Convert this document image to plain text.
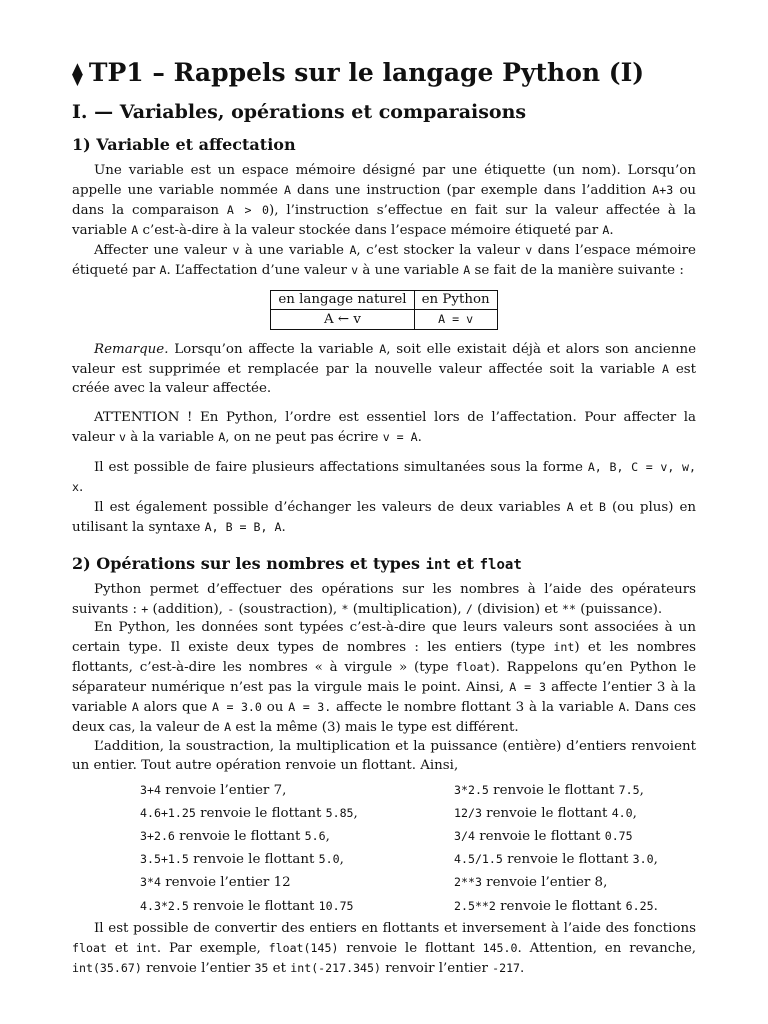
⧫ TP1 – Rappels sur le langage Python (I)
I. — Variables, opérations et comparaisons
1) Variable et affectation

Une variable est un espace mémoire désigné par une étiquette (un nom). Lorsqu’on appelle une variable nommée A dans une instruction (par exemple dans l’addition A+3 ou dans la comparaison A > 0), l’instruction s’effectue en fait sur la valeur affectée à la variable A c’est-à-dire à la valeur stockée dans l’espace mémoire étiqueté par A.

Affecter une valeur v à une variable A, c’est stocker la valeur v dans l’espace mémoire étiqueté par A. L’affectation d’une valeur v à une variable A se fait de la manière suivante :

en langage naturel	en Python
A ← v	A = v

Remarque. Lorsqu’on affecte la variable A, soit elle existait déjà et alors son ancienne valeur est supprimée et remplacée par la nouvelle valeur affectée soit la variable A est créée avec la valeur affectée.

ATTENTION ! En Python, l’ordre est essentiel lors de l’affectation. Pour affecter la valeur v à la variable A, on ne peut pas écrire v = A.

Il est possible de faire plusieurs affectations simultanées sous la forme A, B, C = v, w, x.

Il est également possible d’échanger les valeurs de deux variables A et B (ou plus) en utilisant la syntaxe A, B = B, A.

2) Opérations sur les nombres et types int et float

Python permet d’effectuer des opérations sur les nombres à l’aide des opérateurs suivants : + (addition), - (soustraction), * (multiplication), / (division) et ** (puissance).

En Python, les données sont typées c’est-à-dire que leurs valeurs sont associées à un certain type. Il existe deux types de nombres : les entiers (type int) et les nombres flottants, c’est-à-dire les nombres « à virgule » (type float). Rappelons qu’en Python le séparateur numérique n’est pas la virgule mais le point. Ainsi, A = 3 affecte l’entier 3 à la variable A alors que A = 3.0 ou A = 3. affecte le nombre flottant 3 à la variable A. Dans ces deux cas, la valeur de A est la même (3) mais le type est différent.

L’addition, la soustraction, la multiplication et la puissance (entière) d’entiers renvoient un entier. Tout autre opération renvoie un flottant. Ainsi,

3+4 renvoie l’entier 7,	3*2.5 renvoie le flottant 7.5,
4.6+1.25 renvoie le flottant 5.85,	12/3 renvoie le flottant 4.0,
3+2.6 renvoie le flottant 5.6,	3/4 renvoie le flottant 0.75
3.5+1.5 renvoie le flottant 5.0,	4.5/1.5 renvoie le flottant 3.0,
3*4 renvoie l’entier 12	2**3 renvoie l’entier 8,
4.3*2.5 renvoie le flottant 10.75	2.5**2 renvoie le flottant 6.25.

Il est possible de convertir des entiers en flottants et inversement à l’aide des fonctions float et int. Par exemple, float(145) renvoie le flottant 145.0. Attention, en revanche, int(35.67) renvoie l’entier 35 et int(-217.345) renvoir l’entier -217.
